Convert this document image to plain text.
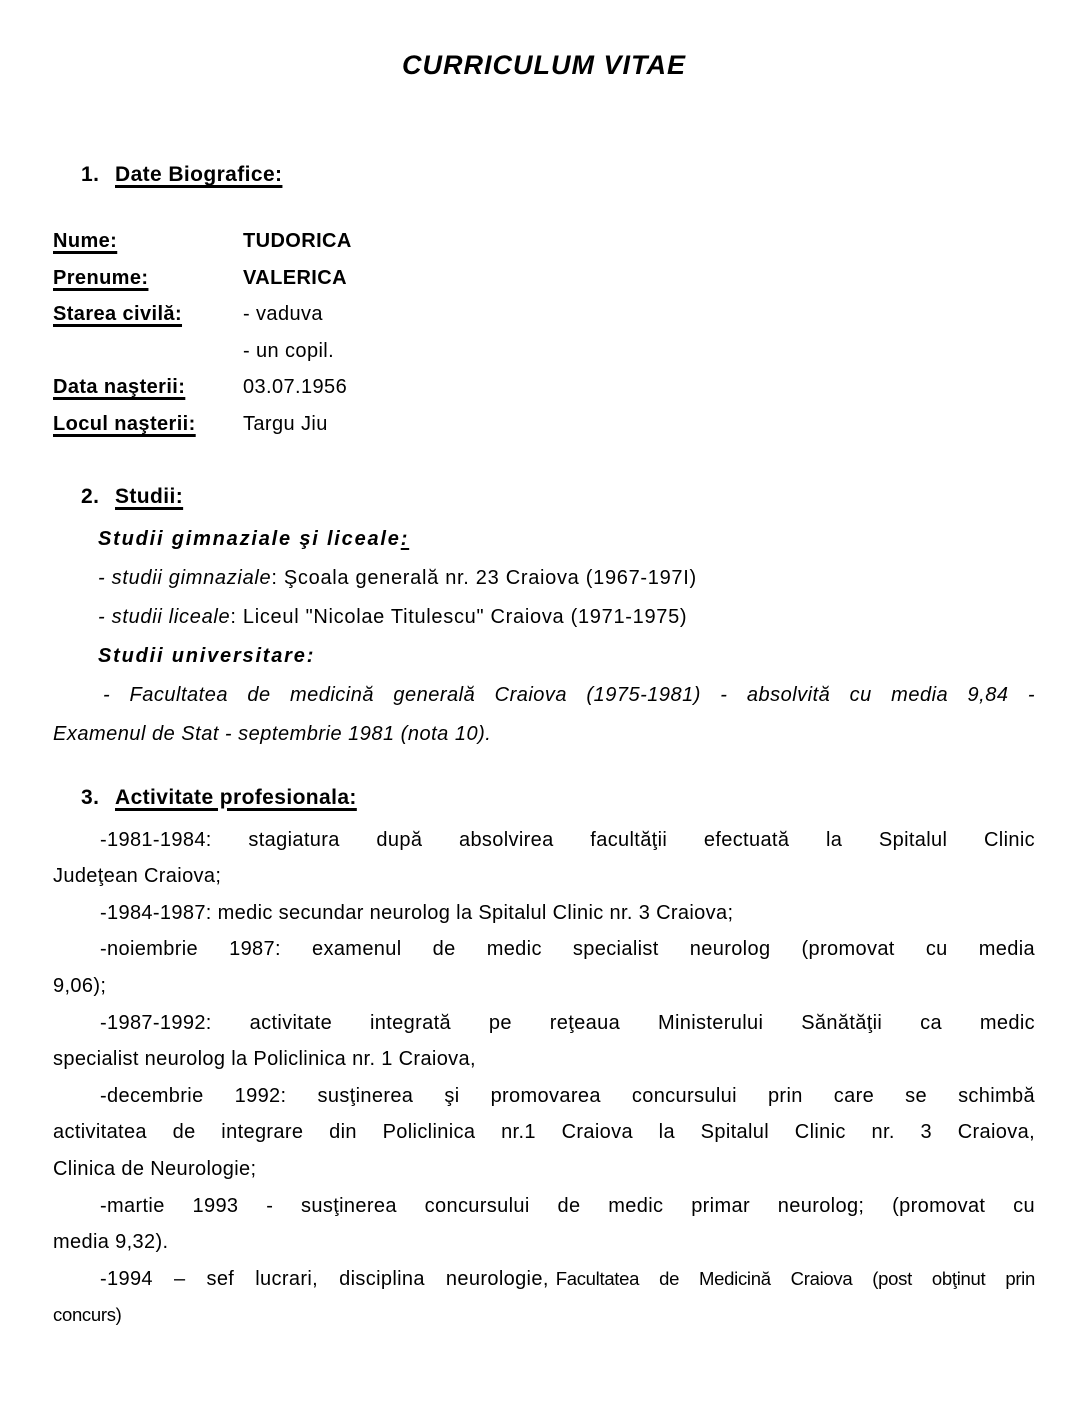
CURRICULUM VITAE
1. Date Biografice:
Nume:	TUDORICA
Prenume:	VALERICA
Starea civilă:	- vaduva
- un copil.
Data naşterii:	03.07.1956
Locul naşterii:	Targu Jiu
2. Studii:
Studii gimnaziale şi liceale:
- studii gimnaziale: Şcoala generală nr. 23 Craiova (1967-197I)
- studii liceale: Liceul "Nicolae Titulescu" Craiova (1971-1975)
Studii universitare:
- Facultatea de medicină generală Craiova (1975-1981) - absolvită cu media 9,84 -
Examenul de Stat - septembrie 1981 (nota 10).
3. Activitate profesionala:
-1981-1984: stagiatura după absolvirea facultăţii efectuată la Spitalul Clinic
Judeţean Craiova;
-1984-1987: medic secundar neurolog la Spitalul Clinic nr. 3 Craiova;
-noiembrie 1987: examenul de medic specialist neurolog (promovat cu media
9,06);
-1987-1992: activitate integrată pe reţeaua Ministerului Sănătăţii ca medic
specialist neurolog la Policlinica nr. 1 Craiova,
-decembrie 1992: susţinerea şi promovarea concursului prin care se schimbă
activitatea de integrare din Policlinica nr.1 Craiova la Spitalul Clinic nr. 3 Craiova,
Clinica de Neurologie;
-martie 1993 - susţinerea concursului de medic primar neurolog; (promovat cu
media 9,32).
-1994 – sef lucrari, disciplina neurologie, Facultatea de Medicină Craiova (post obţinut prin
concurs)
